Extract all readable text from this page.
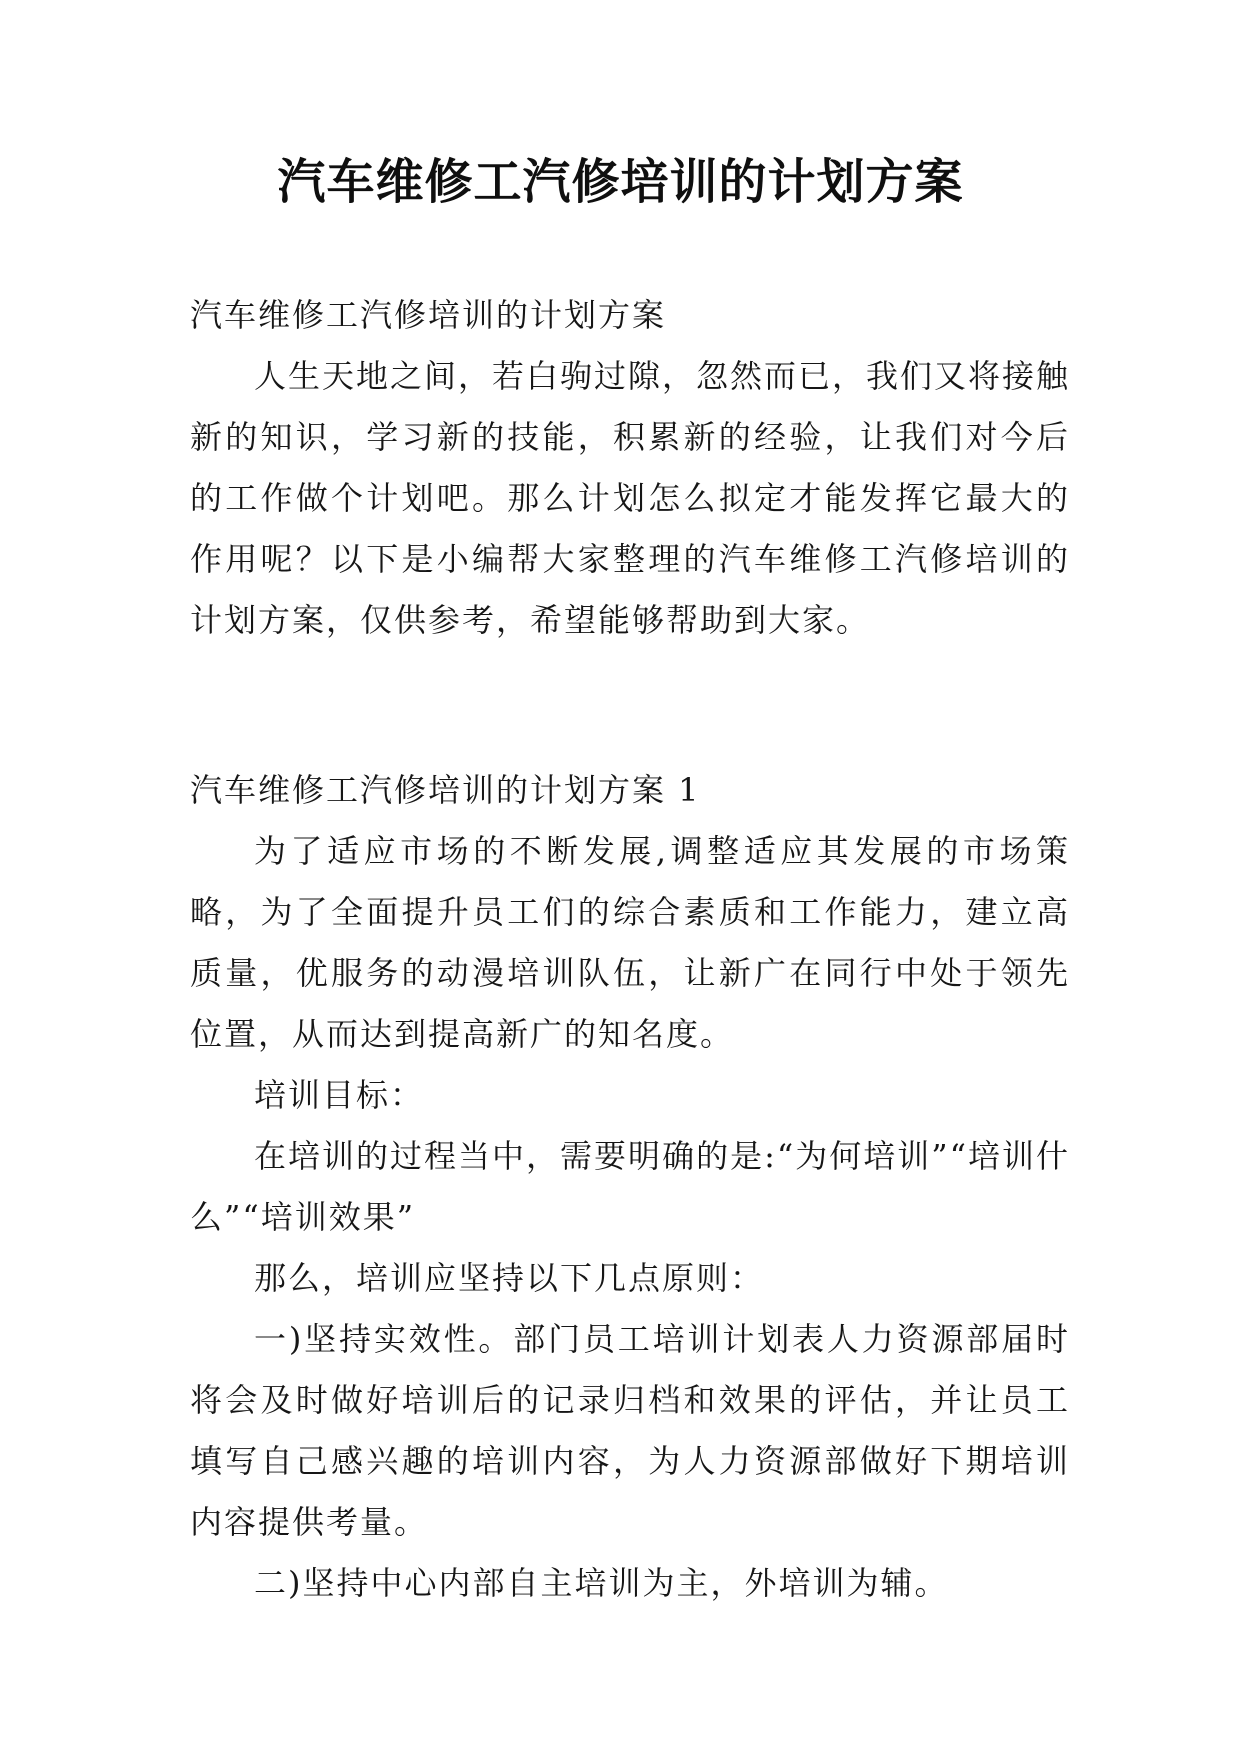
汽车维修工汽修培训的计划方案

汽车维修工汽修培训的计划方案

人生天地之间，若白驹过隙，忽然而已，我们又将接触新的知识，学习新的技能，积累新的经验，让我们对今后的工作做个计划吧。那么计划怎么拟定才能发挥它最大的作用呢？以下是小编帮大家整理的汽车维修工汽修培训的计划方案，仅供参考，希望能够帮助到大家。

汽车维修工汽修培训的计划方案 1

为了适应市场的不断发展,调整适应其发展的市场策略，为了全面提升员工们的综合素质和工作能力，建立高质量，优服务的动漫培训队伍，让新广在同行中处于领先位置，从而达到提高新广的知名度。

培训目标：

在培训的过程当中，需要明确的是:“为何培训”“培训什么”“培训效果”

那么，培训应坚持以下几点原则：

一)坚持实效性。部门员工培训计划表人力资源部届时将会及时做好培训后的记录归档和效果的评估，并让员工填写自己感兴趣的培训内容，为人力资源部做好下期培训内容提供考量。

二)坚持中心内部自主培训为主，外培训为辅。
